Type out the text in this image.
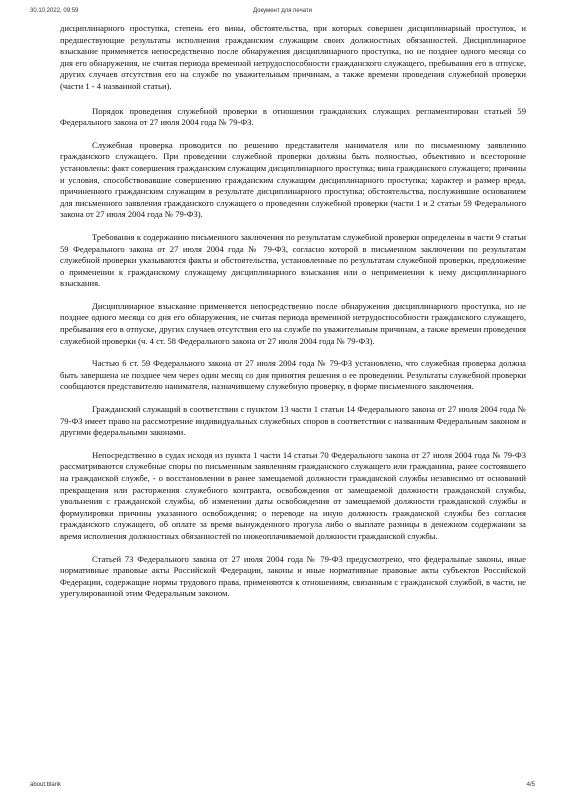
30.10.2022, 09:59	Документ для печати

дисциплинарного проступка, степень его вины, обстоятельства, при которых совершен дисциплинарный проступок, и предшествующие результаты исполнения гражданским служащим своих должностных обязанностей. Дисциплинарное взыскание применяется непосредственно после обнаружения дисциплинарного проступка, но не позднее одного месяца со дня его обнаружения, не считая периода временной нетрудоспособности гражданского служащего, пребывания его в отпуске, других случаев отсутствия его на службе по уважительным причинам, а также времени проведения служебной проверки (части 1 - 4 названной статьи).

Порядок проведения служебной проверки в отношении гражданских служащих регламентирован статьей 59 Федерального закона от 27 июля 2004 года № 79-ФЗ.

Служебная проверка проводится по решению представителя нанимателя или по письменному заявлению гражданского служащего. При проведении служебной проверки должны быть полностью, объективно и всесторонне установлены: факт совершения гражданским служащим дисциплинарного проступка; вина гражданского служащего; причины и условия, способствовавшие совершению гражданским служащим дисциплинарного проступка; характер и размер вреда, причиненного гражданским служащим в результате дисциплинарного проступка; обстоятельства, послужившие основанием для письменного заявления гражданского служащего о проведении служебной проверки (части 1 и 2 статьи 59 Федерального закона от 27 июля 2004 года № 79-ФЗ).

Требования к содержанию письменного заключения по результатам служебной проверки определены в части 9 статьи 59 Федерального закона от 27 июля 2004 года № 79-ФЗ, согласно которой в письменном заключении по результатам служебной проверки указываются факты и обстоятельства, установленные по результатам служебной проверки, предложение о применении к гражданскому служащему дисциплинарного взыскания или о неприменении к нему дисциплинарного взыскания.

Дисциплинарное взыскание применяется непосредственно после обнаружения дисциплинарного проступка, но не позднее одного месяца со дня его обнаружения, не считая периода временной нетрудоспособности гражданского служащего, пребывания его в отпуске, других случаев отсутствия его на службе по уважительным причинам, а также времени проведения служебной проверки (ч. 4 ст. 58 Федерального закона от 27 июля 2004 года № 79-ФЗ).

Частью 6 ст. 59 Федерального закона от 27 июля 2004 года № 79-ФЗ установлено, что служебная проверка должна быть завершена не позднее чем через один месяц со дня принятия решения о ее проведении. Результаты служебной проверки сообщаются представителю нанимателя, назначившему служебную проверку, в форме письменного заключения.

Гражданский служащий в соответствии с пунктом 13 части 1 статьи 14 Федерального закона от 27 июля 2004 года № 79-ФЗ имеет право на рассмотрение индивидуальных служебных споров в соответствии с названным Федеральным законом и другими федеральными законами.

Непосредственно в судах исходя из пункта 1 части 14 статьи 70 Федерального закона от 27 июля 2004 года № 79-ФЗ рассматриваются служебные споры по письменным заявлениям гражданского служащего или гражданина, ранее состоявшего на гражданской службе, - о восстановлении в ранее замещаемой должности гражданской службы независимо от оснований прекращения или расторжения служебного контракта, освобождения от замещаемой должности гражданской службы, увольнения с гражданской службы, об изменении даты освобождения от замещаемой должности гражданской службы и формулировки причины указанного освобождения; о переводе на иную должность гражданской службы без согласия гражданского служащего, об оплате за время вынужденного прогула либо о выплате разницы в денежном содержании за время исполнения должностных обязанностей по нижеоплачиваемой должности гражданской службы.

Статьей 73 Федерального закона от 27 июля 2004 года № 79-ФЗ предусмотрено, что федеральные законы, иные нормативные правовые акты Российской Федерации, законы и иные нормативные правовые акты субъектов Российской Федерации, содержащие нормы трудового права, применяются к отношениям, связанным с гражданской службой, в части, не урегулированной этим Федеральным законом.

about:blank	4/5
